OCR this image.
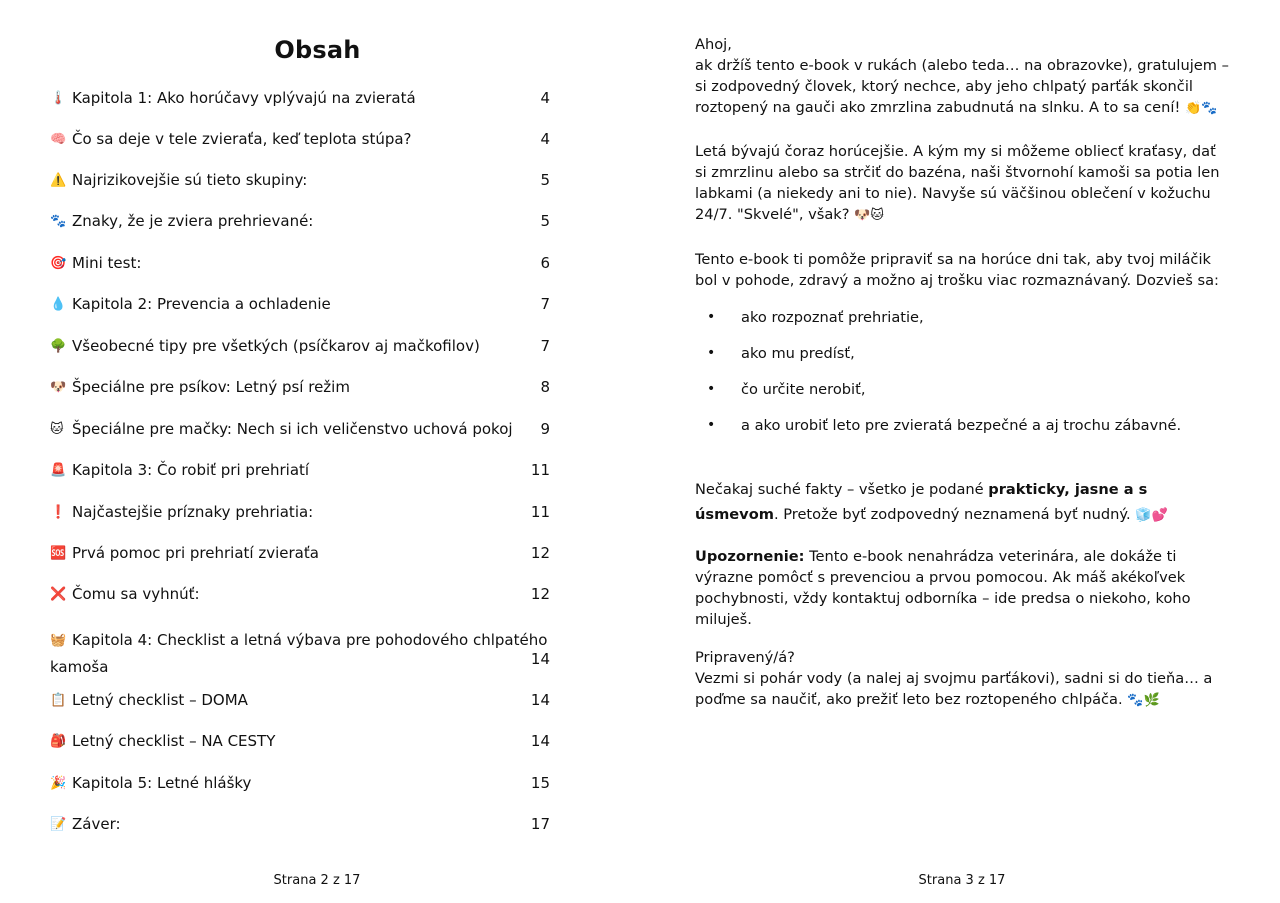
Obsah
🌡️ Kapitola 1: Ako horúčavy vplývajú na zvieratá	4
🧠 Čo sa deje v tele zvieraťa, keď teplota stúpa?	4
⚠️ Najrizikovejšie sú tieto skupiny:	5
🐾 Znaky, že je zviera prehrievané:	5
🎯 Mini test:	6
💧 Kapitola 2: Prevencia a ochladenie	7
🌳 Všeobecné tipy pre všetkých (psíčkarov aj mačkofilov)	7
🐶 Špeciálne pre psíkov: Letný psí režim	8
🐱 Špeciálne pre mačky: Nech si ich veličenstvo uchová pokoj	9
🚨 Kapitola 3: Čo robiť pri prehriatí	11
❗ Najčastejšie príznaky prehriatia:	11
🆘 Prvá pomoc pri prehriatí zvieraťa	12
❌ Čomu sa vyhnúť:	12
🧺 Kapitola 4: Checklist a letná výbava pre pohodového chlpatého
kamoša	14
📋 Letný checklist – DOMA	14
🎒 Letný checklist – NA CESTY	14
🎉 Kapitola 5: Letné hlášky	15
📝 Záver:	17
Strana 2 z 17
Ahoj,
ak držíš tento e-book v rukách (alebo teda… na obrazovke), gratulujem – si zodpovedný človek, ktorý nechce, aby jeho chlpatý parťák skončil roztopený na gauči ako zmrzlina zabudnutá na slnku. A to sa cení! 👏🐾
Letá bývajú čoraz horúcejšie. A kým my si môžeme obliecť kraťasy, dať si zmrzlinu alebo sa strčiť do bazéna, naši štvornohí kamoši sa potia len labkami (a niekedy ani to nie). Navyše sú väčšinou oblečení v kožuchu 24/7. "Skvelé", však? 🐶🐱
Tento e-book ti pomôže pripraviť sa na horúce dni tak, aby tvoj miláčik bol v pohode, zdravý a možno aj trošku viac rozmaznávaný. Dozvieš sa:
•	ako rozpoznať prehriatie,
•	ako mu predísť,
•	čo určite nerobiť,
•	a ako urobiť leto pre zvieratá bezpečné a aj trochu zábavné.
Nečakaj suché fakty – všetko je podané prakticky, jasne a s úsmevom. Pretože byť zodpovedný neznamená byť nudný. 🧊💕
Upozornenie: Tento e-book nenahrádza veterinára, ale dokáže ti výrazne pomôcť s prevenciou a prvou pomocou. Ak máš akékoľvek pochybnosti, vždy kontaktuj odborníka – ide predsa o niekoho, koho miluješ.
Pripravený/á?
Vezmi si pohár vody (a nalej aj svojmu parťákovi), sadni si do tieňa… a poďme sa naučiť, ako prežiť leto bez roztopeného chlpáča. 🐾🌿
Strana 3 z 17
